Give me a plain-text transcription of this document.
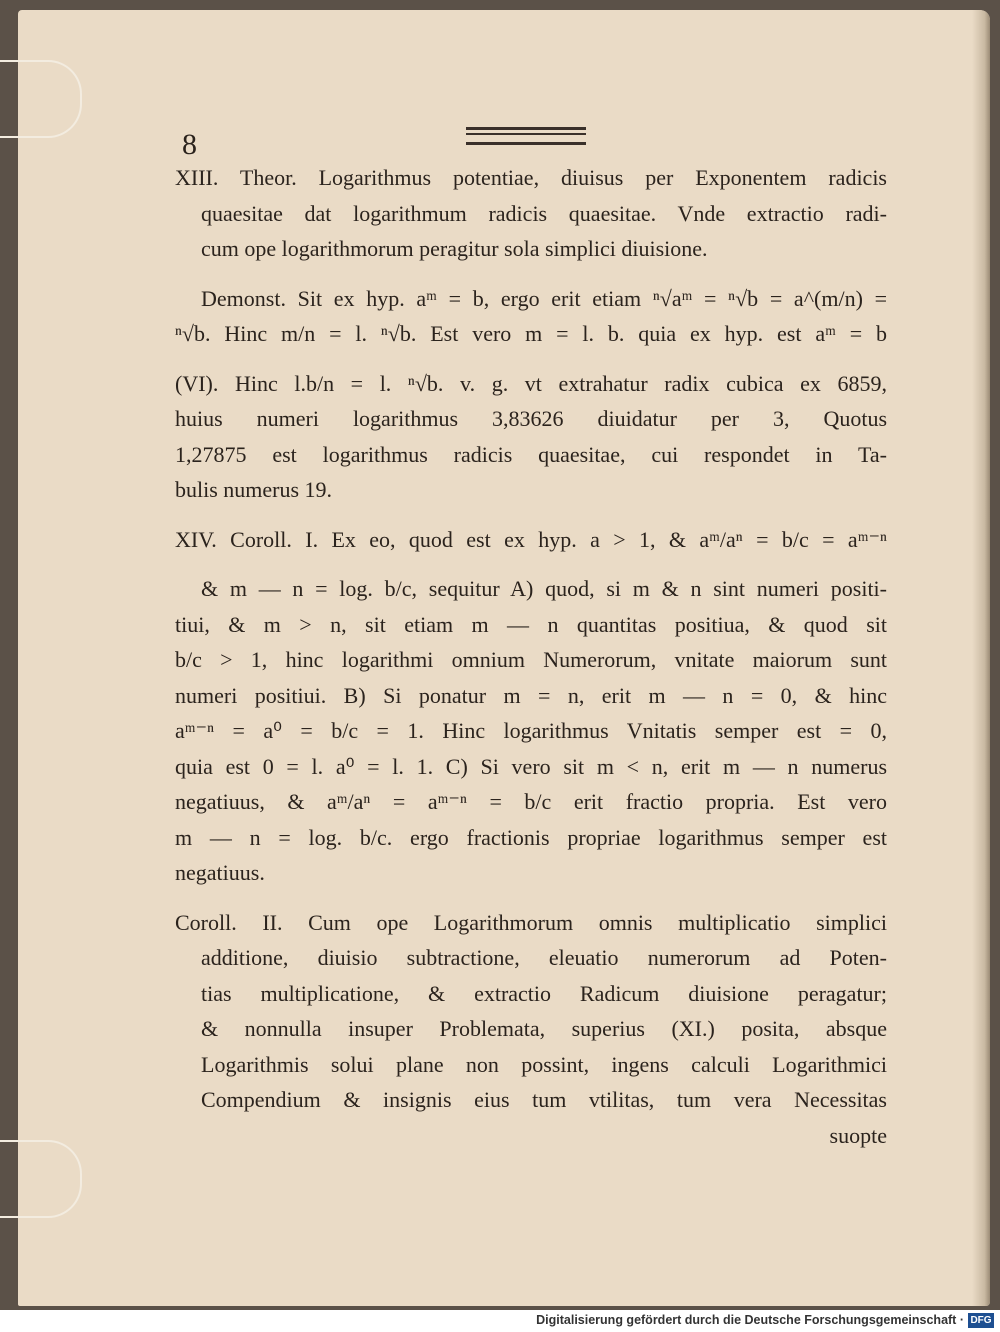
8
XIII. Theor. Logarithmus potentiae, diuisus per Exponentem radicis
quaesitae dat logarithmum radicis quaesitae. Vnde extractio radi-
cum ope logarithmorum peragitur sola simplici diuisione.
Demonst. Sit ex hyp. aᵐ = b, ergo erit etiam ⁿ√aᵐ = ⁿ√b = a^(m/n) =
ⁿ√b. Hinc m/n = l. ⁿ√b. Est vero m = l. b. quia ex hyp. est aᵐ = b
(VI). Hinc l.b/n = l. ⁿ√b. v. g. vt extrahatur radix cubica ex 6859,
huius numeri logarithmus 3,83626 diuidatur per 3, Quotus
1,27875 est logarithmus radicis quaesitae, cui respondet in Ta-
bulis numerus 19.
XIV. Coroll. I. Ex eo, quod est ex hyp. a > 1, & aᵐ/aⁿ = b/c = aᵐ⁻ⁿ
& m — n = log. b/c, sequitur A) quod, si m & n sint numeri positi-
tiui, & m > n, sit etiam m — n quantitas positiua, & quod sit
b/c > 1, hinc logarithmi omnium Numerorum, vnitate maiorum sunt
numeri positiui. B) Si ponatur m = n, erit m — n = 0, & hinc
aᵐ⁻ⁿ = a⁰ = b/c = 1. Hinc logarithmus Vnitatis semper est = 0,
quia est 0 = l. a⁰ = l. 1. C) Si vero sit m < n, erit m — n numerus
negatiuus, & aᵐ/aⁿ = aᵐ⁻ⁿ = b/c erit fractio propria. Est vero
m — n = log. b/c. ergo fractionis propriae logarithmus semper est
negatiuus.
Coroll. II. Cum ope Logarithmorum omnis multiplicatio simplici
additione, diuisio subtractione, eleuatio numerorum ad Poten-
tias multiplicatione, & extractio Radicum diuisione peragatur;
& nonnulla insuper Problemata, superius (XI.) posita, absque
Logarithmis solui plane non possint, ingens calculi Logarithmici
Compendium & insignis eius tum vtilitas, tum vera Necessitas
suopte
Digitalisierung gefördert durch die Deutsche Forschungsgemeinschaft · DFG
